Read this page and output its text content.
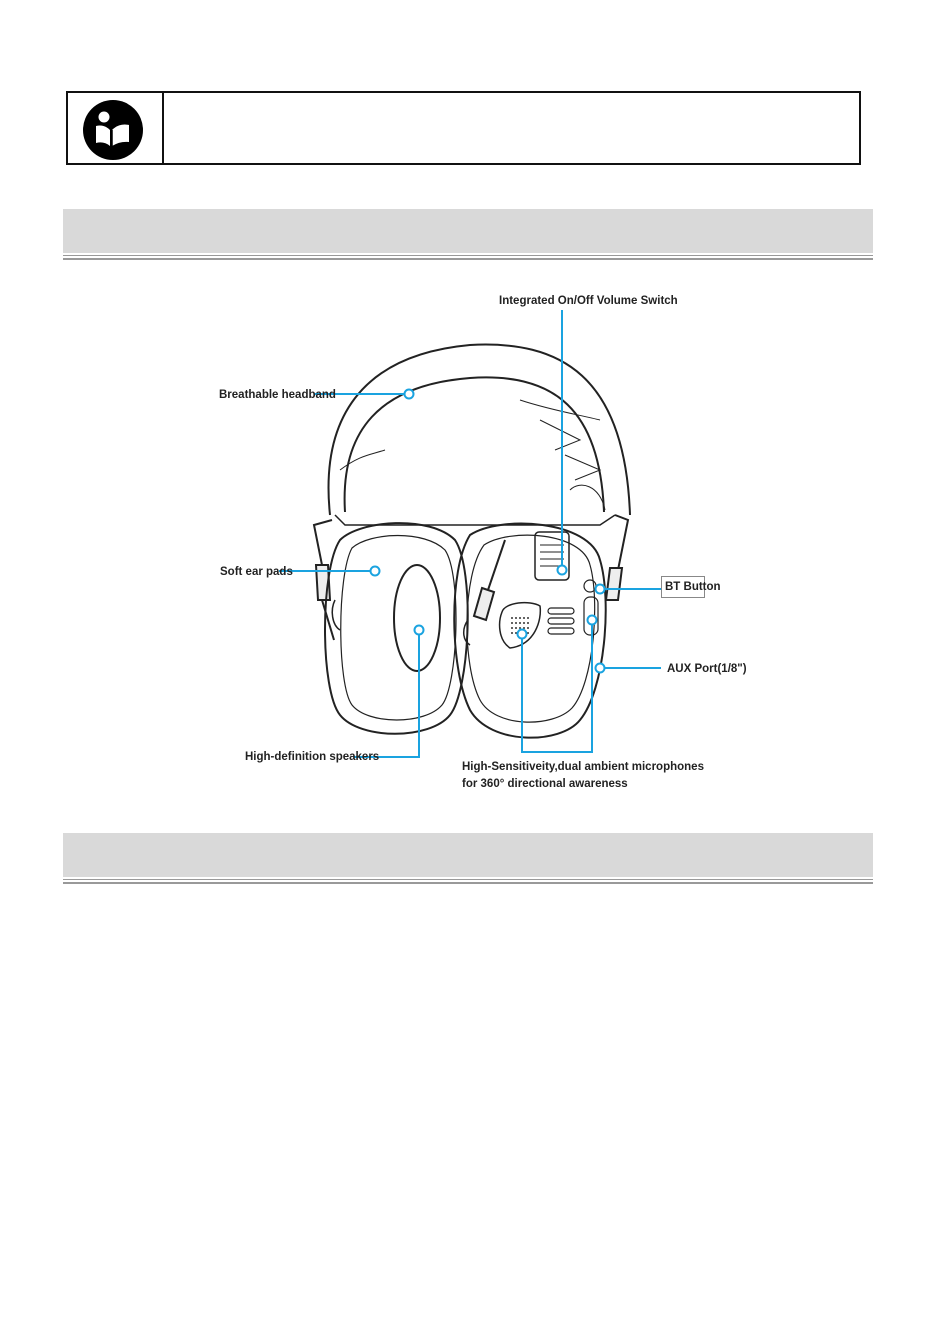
Integrated On/Off Volume Switch
Breathable headband
Soft ear pads
AUX Port(1/8")
High-definition speakers
High-Sensitiveity,dual ambient microphones
for 360° directional awareness
BT Button
